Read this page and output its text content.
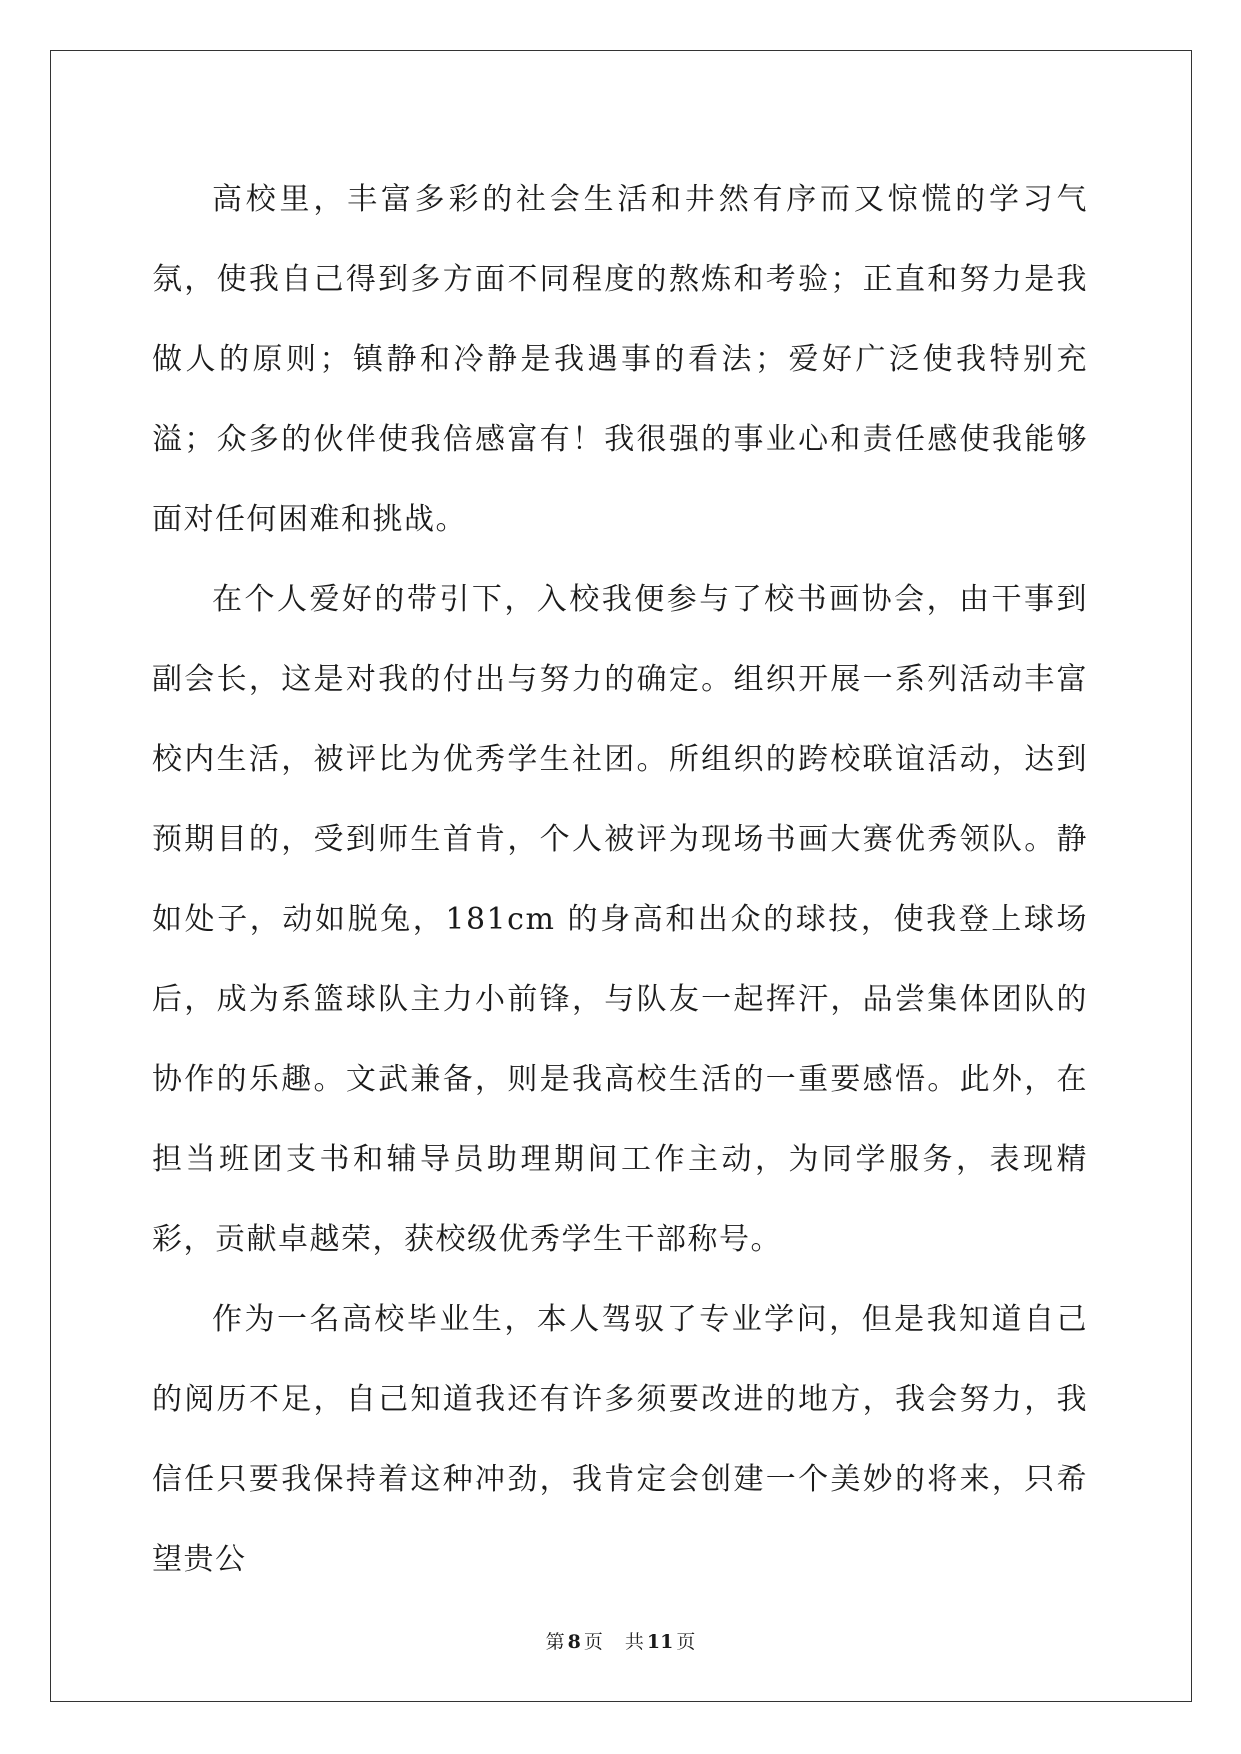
高校里，丰富多彩的社会生活和井然有序而又惊慌的学习气氛，使我自己得到多方面不同程度的熬炼和考验；正直和努力是我做人的原则；镇静和冷静是我遇事的看法；爱好广泛使我特别充溢；众多的伙伴使我倍感富有！我很强的事业心和责任感使我能够面对任何困难和挑战。

在个人爱好的带引下，入校我便参与了校书画协会，由干事到副会长，这是对我的付出与努力的确定。组织开展一系列活动丰富校内生活，被评比为优秀学生社团。所组织的跨校联谊活动，达到预期目的，受到师生首肯，个人被评为现场书画大赛优秀领队。静如处子，动如脱兔，181cm 的身高和出众的球技，使我登上球场后，成为系篮球队主力小前锋，与队友一起挥汗，品尝集体团队的协作的乐趣。文武兼备，则是我高校生活的一重要感悟。此外，在担当班团支书和辅导员助理期间工作主动，为同学服务，表现精彩，贡献卓越荣，获校级优秀学生干部称号。

作为一名高校毕业生，本人驾驭了专业学问，但是我知道自己的阅历不足，自己知道我还有许多须要改进的地方，我会努力，我信任只要我保持着这种冲劲，我肯定会创建一个美妙的将来，只希望贵公

第 8 页 共 11 页
